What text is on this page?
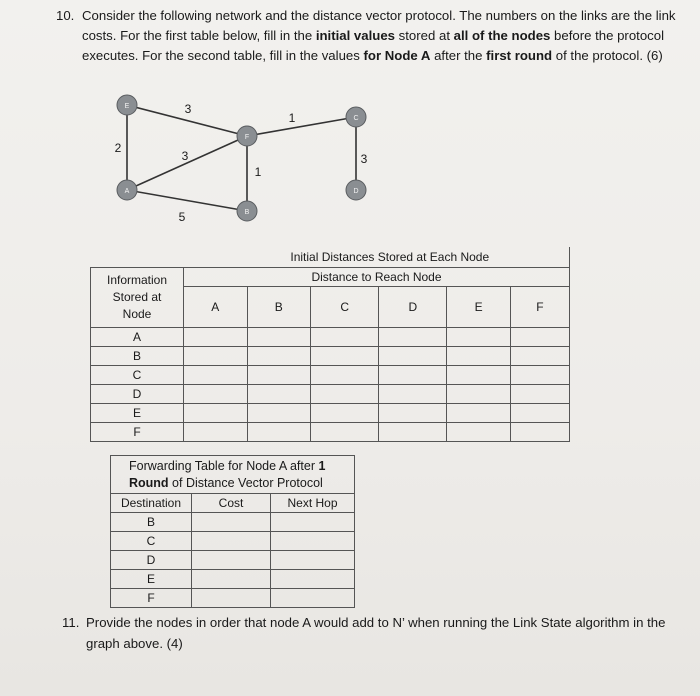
10. Consider the following network and the distance vector protocol. The numbers on the links are the link costs. For the first table below, fill in the initial values stored at all of the nodes before the protocol executes. For the second table, fill in the values for Node A after the first round of the protocol. (6)
3
2
3
5
1
1
3
E
F
C
A
B
D
Initial Distances Stored at Each Node						
Information
Stored at
Node	Distance to Reach Node					
	A	B	C	D	E	F
A						
B						
C						
D						
E						
F						
Forwarding Table for Node A after 1
Round of Distance Vector Protocol		
Destination	Cost	Next Hop
B		
C		
D		
E		
F		
11. Provide the nodes in order that node A would add to N’ when running the Link State algorithm in the graph above. (4)
